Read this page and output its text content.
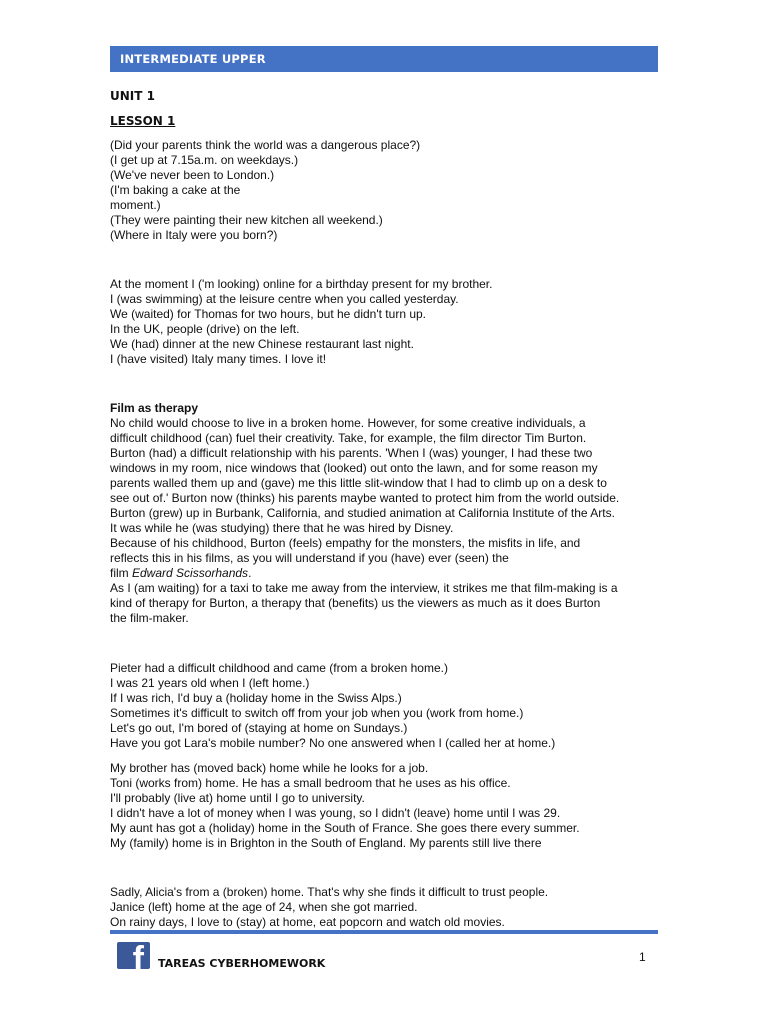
INTERMEDIATE UPPER
UNIT 1
LESSON 1
(Did your parents think the world was a dangerous place?)
(I get up at 7.15a.m. on weekdays.)
(We've never been to London.)
(I'm baking a cake at the
moment.)
(They were painting their new kitchen all weekend.)
(Where in Italy were you born?)
At the moment I ('m looking) online for a birthday present for my brother.
I (was swimming) at the leisure centre when you called yesterday.
We (waited) for Thomas for two hours, but he didn't turn up.
In the UK, people (drive) on the left.
We (had) dinner at the new Chinese restaurant last night.
I (have visited) Italy many times. I love it!
Film as therapy
No child would choose to live in a broken home. However, for some creative individuals, a
difficult childhood (can) fuel their creativity. Take, for example, the film director Tim Burton.
Burton (had) a difficult relationship with his parents. 'When I (was) younger, I had these two
windows in my room, nice windows that (looked) out onto the lawn, and for some reason my
parents walled them up and (gave) me this little slit-window that I had to climb up on a desk to
see out of.' Burton now (thinks) his parents maybe wanted to protect him from the world outside.
Burton (grew) up in Burbank, California, and studied animation at California Institute of the Arts.
It was while he (was studying) there that he was hired by Disney.
Because of his childhood, Burton (feels) empathy for the monsters, the misfits in life, and
reflects this in his films, as you will understand if you (have) ever (seen) the
film Edward Scissorhands.
As I (am waiting) for a taxi to take me away from the interview, it strikes me that film-making is a
kind of therapy for Burton, a therapy that (benefits) us the viewers as much as it does Burton
the film-maker.
Pieter had a difficult childhood and came (from a broken home.)
I was 21 years old when I (left home.)
If I was rich, I'd buy a (holiday home in the Swiss Alps.)
Sometimes it's difficult to switch off from your job when you (work from home.)
Let's go out, I'm bored of (staying at home on Sundays.)
Have you got Lara's mobile number? No one answered when I (called her at home.)
My brother has (moved back) home while he looks for a job.
Toni (works from) home. He has a small bedroom that he uses as his office.
I'll probably (live at) home until I go to university.
I didn't have a lot of money when I was young, so I didn't (leave) home until I was 29.
My aunt has got a (holiday) home in the South of France. She goes there every summer.
My (family) home is in Brighton in the South of England. My parents still live there
Sadly, Alicia's from a (broken) home. That's why she finds it difficult to trust people.
Janice (left) home at the age of 24, when she got married.
On rainy days, I love to (stay) at home, eat popcorn and watch old movies.
f TAREAS CYBERHOMEWORK	1
